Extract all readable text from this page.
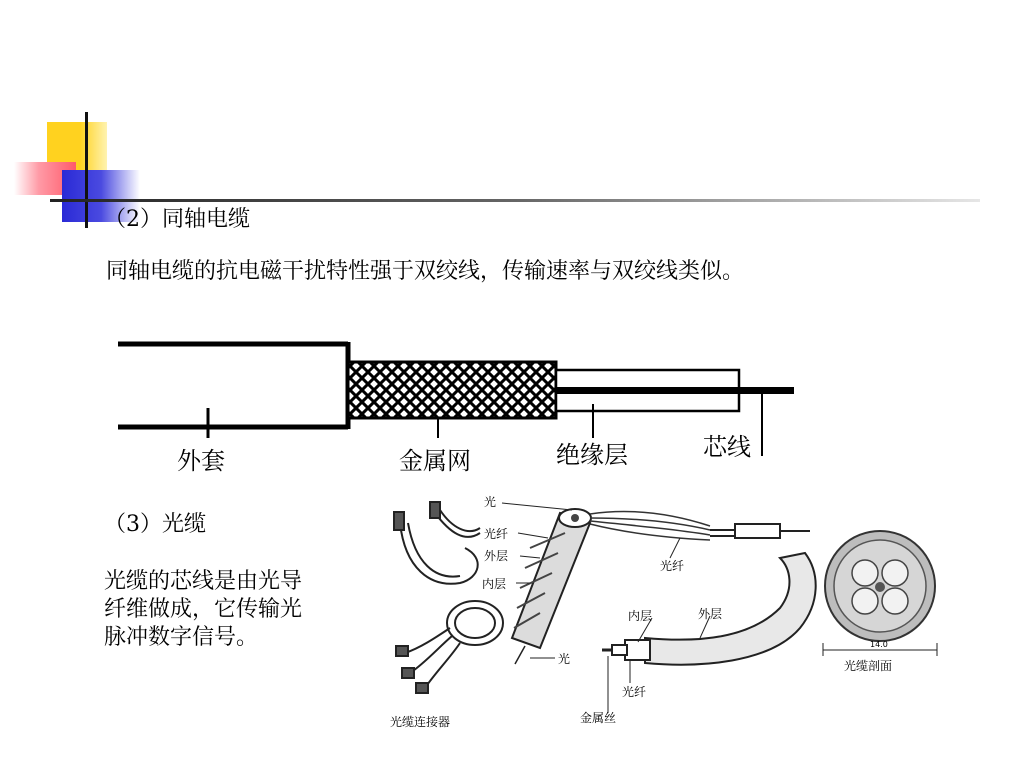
（2）同轴电缆
同轴电缆的抗电磁干扰特性强于双绞线，传输速率与双绞线类似。
外套	金属网	绝缘层	芯线
（3）光缆
光缆的芯线是由光导纤维做成，它传输光脉冲数字信号。
光
光纤
外层
内层
光
光纤
内层	外层
光纤
金属丝
光缆连接器
光缆剖面
14.0
